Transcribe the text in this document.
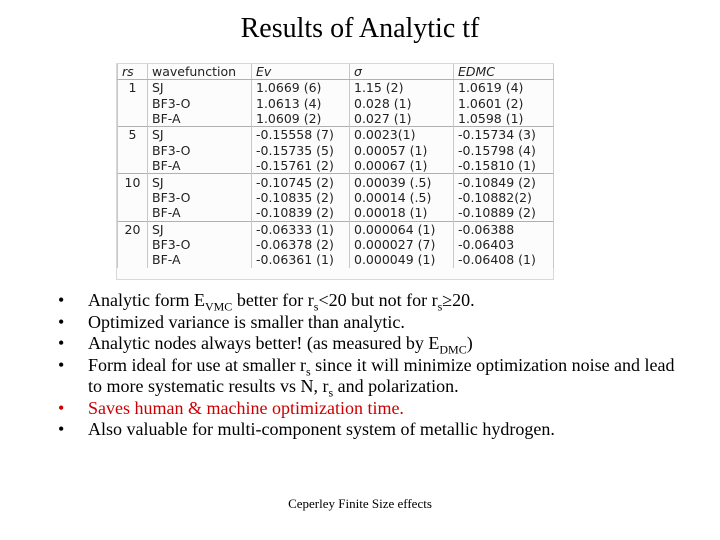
Results of Analytic tf
rs	wavefunction	Ev	σ	EDMC
1	SJ	1.0669 (6)	1.15 (2)	1.0619 (4)
	BF3-O	1.0613 (4)	0.028 (1)	1.0601 (2)
	BF-A	1.0609 (2)	0.027 (1)	1.0598 (1)
5	SJ	-0.15558 (7)	0.0023(1)	-0.15734 (3)
	BF3-O	-0.15735 (5)	0.00057 (1)	-0.15798 (4)
	BF-A	-0.15761 (2)	0.00067 (1)	-0.15810 (1)
10	SJ	-0.10745 (2)	0.00039 (.5)	-0.10849 (2)
	BF3-O	-0.10835 (2)	0.00014 (.5)	-0.10882(2)
	BF-A	-0.10839 (2)	0.00018 (1)	-0.10889 (2)
20	SJ	-0.06333 (1)	0.000064 (1)	-0.06388
	BF3-O	-0.06378 (2)	0.000027 (7)	-0.06403
	BF-A	-0.06361 (1)	0.000049 (1)	-0.06408 (1)
• Analytic form $E_{VMC}$ better for $r_s<20$ but not for $r_s\ge 20$.
• Optimized variance is smaller than analytic.
• Analytic nodes always better! (as measured by $E_{DMC}$)
• Form ideal for use at smaller $r_s$ since it will minimize optimization noise and lead to more systematic results vs N, $r_s$ and polarization.
• Saves human & machine optimization time.
• Also valuable for multi-component system of metallic hydrogen.
Ceperley Finite Size effects
